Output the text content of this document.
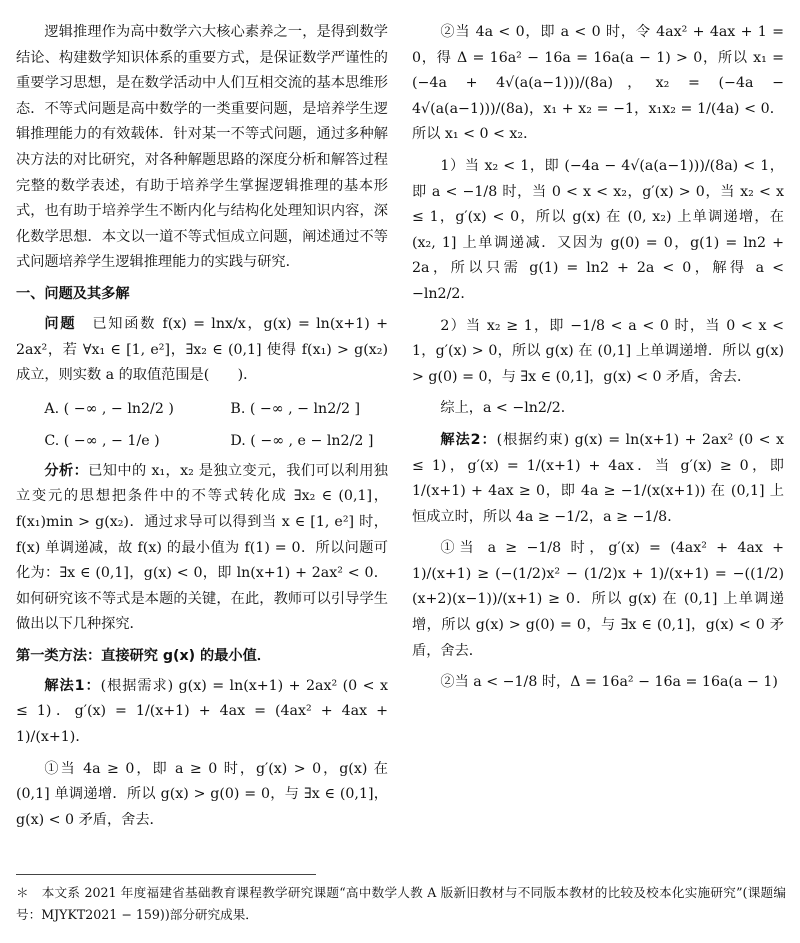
逻辑推理作为高中数学六大核心素养之一，是得到数学结论、构建数学知识体系的重要方式，是保证数学严谨性的重要学习思想，是在数学活动中人们互相交流的基本思维形态．不等式问题是高中数学的一类重要问题，是培养学生逻辑推理能力的有效载体．针对某一不等式问题，通过多种解决方法的对比研究，对各种解题思路的深度分析和解答过程完整的数学表述，有助于培养学生掌握逻辑推理的基本形式，也有助于培养学生不断内化与结构化处理知识内容，深化数学思想．本文以一道不等式恒成立问题，阐述通过不等式问题培养学生逻辑推理能力的实践与研究．

一、问题及其多解

问题　已知函数 f(x) = lnx/x，g(x) = ln(x+1) + 2ax²，若 ∀x₁ ∈ [1, e²]，∃x₂ ∈ (0,1] 使得 f(x₁) > g(x₂) 成立，则实数 a 的取值范围是(　　)．

A. ( −∞ , − ln2/2 )	B. ( −∞ , − ln2/2 ]
C. ( −∞ , − 1/e )	D. ( −∞ , e − ln2/2 ]

分析：已知中的 x₁，x₂ 是独立变元，我们可以利用独立变元的思想把条件中的不等式转化成 ∃x₂ ∈ (0,1]，f(x₁)min > g(x₂)．通过求导可以得到当 x ∈ [1, e²] 时，f(x) 单调递减，故 f(x) 的最小值为 f(1) = 0．所以问题可化为：∃x ∈ (0,1]，g(x) < 0，即 ln(x+1) + 2ax² < 0．如何研究该不等式是本题的关键，在此，教师可以引导学生做出以下几种探究．

第一类方法：直接研究 g(x) 的最小值．

解法1：(根据需求) g(x) = ln(x+1) + 2ax² (0 < x ≤ 1)．g′(x) = 1/(x+1) + 4ax = (4ax² + 4ax + 1)/(x+1)．

①当 4a ≥ 0，即 a ≥ 0 时，g′(x) > 0，g(x) 在 (0,1] 单调递增．所以 g(x) > g(0) = 0，与 ∃x ∈ (0,1]，g(x) < 0 矛盾，舍去．

②当 4a < 0，即 a < 0 时，令 4ax² + 4ax + 1 = 0，得 Δ = 16a² − 16a = 16a(a − 1) > 0，所以 x₁ = (−4a + 4√(a(a−1)))/(8a)，x₂ = (−4a − 4√(a(a−1)))/(8a)，x₁ + x₂ = −1，x₁x₂ = 1/(4a) < 0．所以 x₁ < 0 < x₂．

1）当 x₂ < 1，即 (−4a − 4√(a(a−1)))/(8a) < 1，即 a < −1/8 时，当 0 < x < x₂，g′(x) > 0，当 x₂ < x ≤ 1，g′(x) < 0，所以 g(x) 在 (0, x₂) 上单调递增，在 (x₂, 1] 上单调递减．又因为 g(0) = 0，g(1) = ln2 + 2a，所以只需 g(1) = ln2 + 2a < 0，解得 a < −ln2/2．

2）当 x₂ ≥ 1，即 −1/8 < a < 0 时，当 0 < x < 1，g′(x) > 0，所以 g(x) 在 (0,1] 上单调递增．所以 g(x) > g(0) = 0，与 ∃x ∈ (0,1]，g(x) < 0 矛盾，舍去．

综上，a < −ln2/2．

解法2：(根据约束) g(x) = ln(x+1) + 2ax² (0 < x ≤ 1)，g′(x) = 1/(x+1) + 4ax．当 g′(x) ≥ 0，即 1/(x+1) + 4ax ≥ 0，即 4a ≥ −1/(x(x+1)) 在 (0,1] 上恒成立时，所以 4a ≥ −1/2，a ≥ −1/8．

①当 a ≥ −1/8 时，g′(x) = (4ax² + 4ax + 1)/(x+1) ≥ (−(1/2)x² − (1/2)x + 1)/(x+1) = −((1/2)(x+2)(x−1))/(x+1) ≥ 0．所以 g(x) 在 (0,1] 上单调递增，所以 g(x) > g(0) = 0，与 ∃x ∈ (0,1]，g(x) < 0 矛盾，舍去．

②当 a < −1/8 时，Δ = 16a² − 16a = 16a(a − 1)

＊　本文系 2021 年度福建省基础教育课程教学研究课题“高中数学人教 A 版新旧教材与不同版本教材的比较及校本化实施研究”(课题编号：MJYKT2021 − 159))部分研究成果．
